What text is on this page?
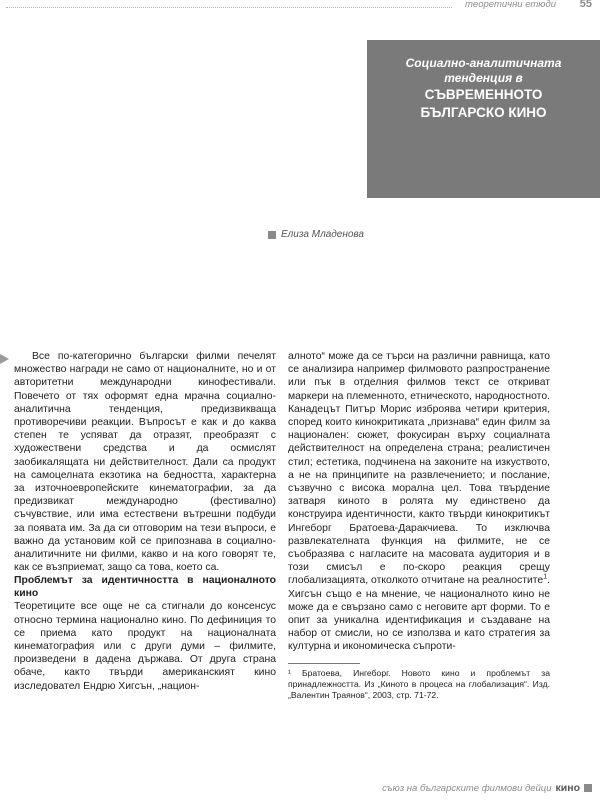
теоретични етюди 55
Социално-аналитичната
тенденция в
СЪВРЕМЕННОТО
БЪЛГАРСКО КИНО
Елиза Младенова

Все по-категорично български филми печелят множество награди не само от националните, но и от авторитетни международни кинофестивали. Повечето от тях оформят една мрачна социално-аналитична тенденция, предизвикваща противоречиви реакции. Въпросът е как и до каква степен те успяват да отразят, преобразят с художествени средства и да осмислят заобикалящата ни действителност. Дали са продукт на самоцелната екзотика на бедността, характерна за източноевропейските кинематографии, за да предизвикат международно (фестивално) съчувствие, или има естествени вътрешни подбуди за появата им. За да си отговорим на тези въпроси, е важно да установим кой се припознава в социално-аналитичните ни филми, какво и на кого говорят те, как се възприемат, защо са това, което са.

Проблемът за идентичността в националното кино

Теоретиците все още не са стигнали до консенсус относно термина национално кино. По дефиниция то се приема като продукт на националната кинематография или с други думи – филмите, произведени в дадена държава. От друга страна обаче, както твърди американският кино изследовател Ендрю Хигсън, „национ-

алното“ може да се търси на различни равнища, като се анализира например филмовото разпространение или пък в отделния филмов текст се откриват маркери на племенното, етническото, народностното. Канадецът Питър Морис изброява четири критерия, според които кинокритиката „признава“ един филм за национален: сюжет, фокусиран върху социалната действителност на определена страна; реалистичен стил; естетика, подчинена на законите на изкуството, а не на принципите на развлечението; и послание, съзвучно с висока морална цел. Това твърдение затваря киното в ролята му единствено да конструира идентичности, както твърди кинокритикът Ингеборг Братоева-Даракчиева. То изключва развлекателната функция на филмите, не се съобразява с нагласите на масовата аудитория и в този смисъл е по-скоро реакция срещу глобализацията, отколкото отчитане на реалностите$^1$. Хигсън също е на мнение, че националното кино не може да е свързано само с неговите арт форми. То е опит за уникална идентификация и създаване на набор от смисли, но се използва и като стратегия за културна и икономическа съпроти-

¹ Братоева, Ингеборг. Новото кино и проблемът за принадлежността. Из „Киното в процеса на глобализация“. Изд. „Валентин Траянов“, 2003, стр. 71-72.

съюз на българските филмови дейци кино
